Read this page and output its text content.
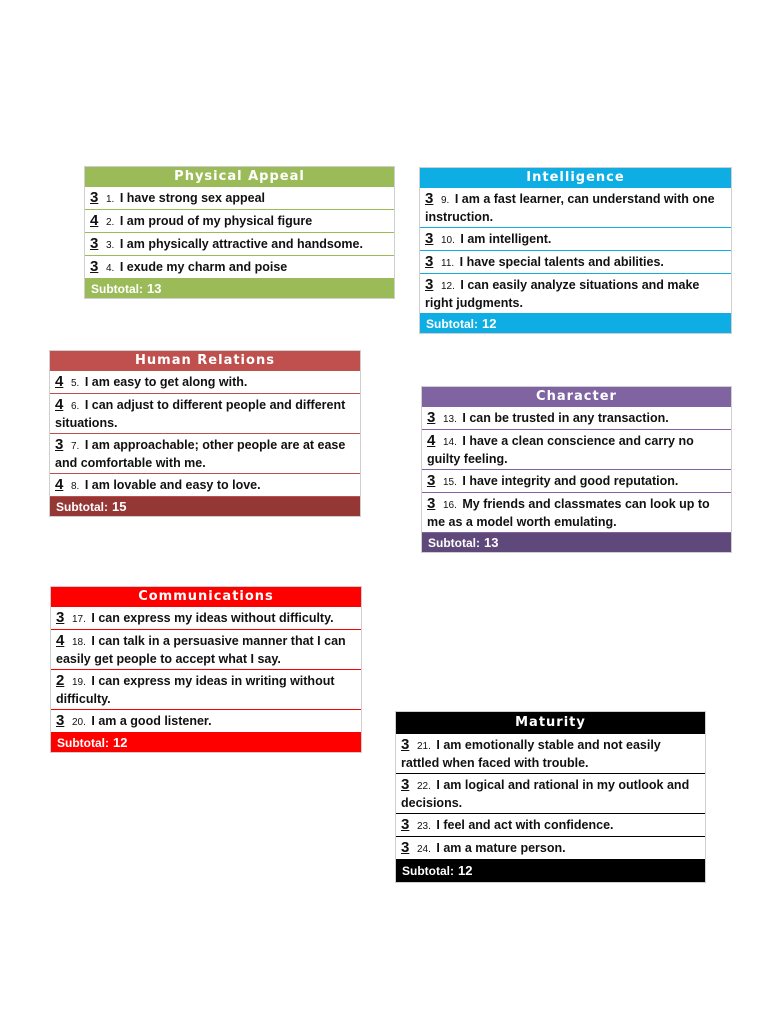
Physical Appeal
3 1. I have strong sex appeal
4 2. I am proud of my physical figure
3 3. I am physically attractive and handsome.
3 4. I exude my charm and poise
Subtotal: 13
Intelligence
3 9. I am a fast learner, can understand with one instruction.
3 10. I am intelligent.
3 11. I have special talents and abilities.
3 12. I can easily analyze situations and make right judgments.
Subtotal: 12
Human Relations
4 5. I am easy to get along with.
4 6. I can adjust to different people and different situations.
3 7. I am approachable; other people are at ease and comfortable with me.
4 8. I am lovable and easy to love.
Subtotal: 15
Character
3 13. I can be trusted in any transaction.
4 14. I have a clean conscience and carry no guilty feeling.
3 15. I have integrity and good reputation.
3 16. My friends and classmates can look up to me as a model worth emulating.
Subtotal: 13
Communications
3 17. I can express my ideas without difficulty.
4 18. I can talk in a persuasive manner that I can easily get people to accept what I say.
2 19. I can express my ideas in writing without difficulty.
3 20. I am a good listener.
Subtotal: 12
Maturity
3 21. I am emotionally stable and not easily rattled when faced with trouble.
3 22. I am logical and rational in my outlook and decisions.
3 23. I feel and act with confidence.
3 24. I am a mature person.
Subtotal: 12
